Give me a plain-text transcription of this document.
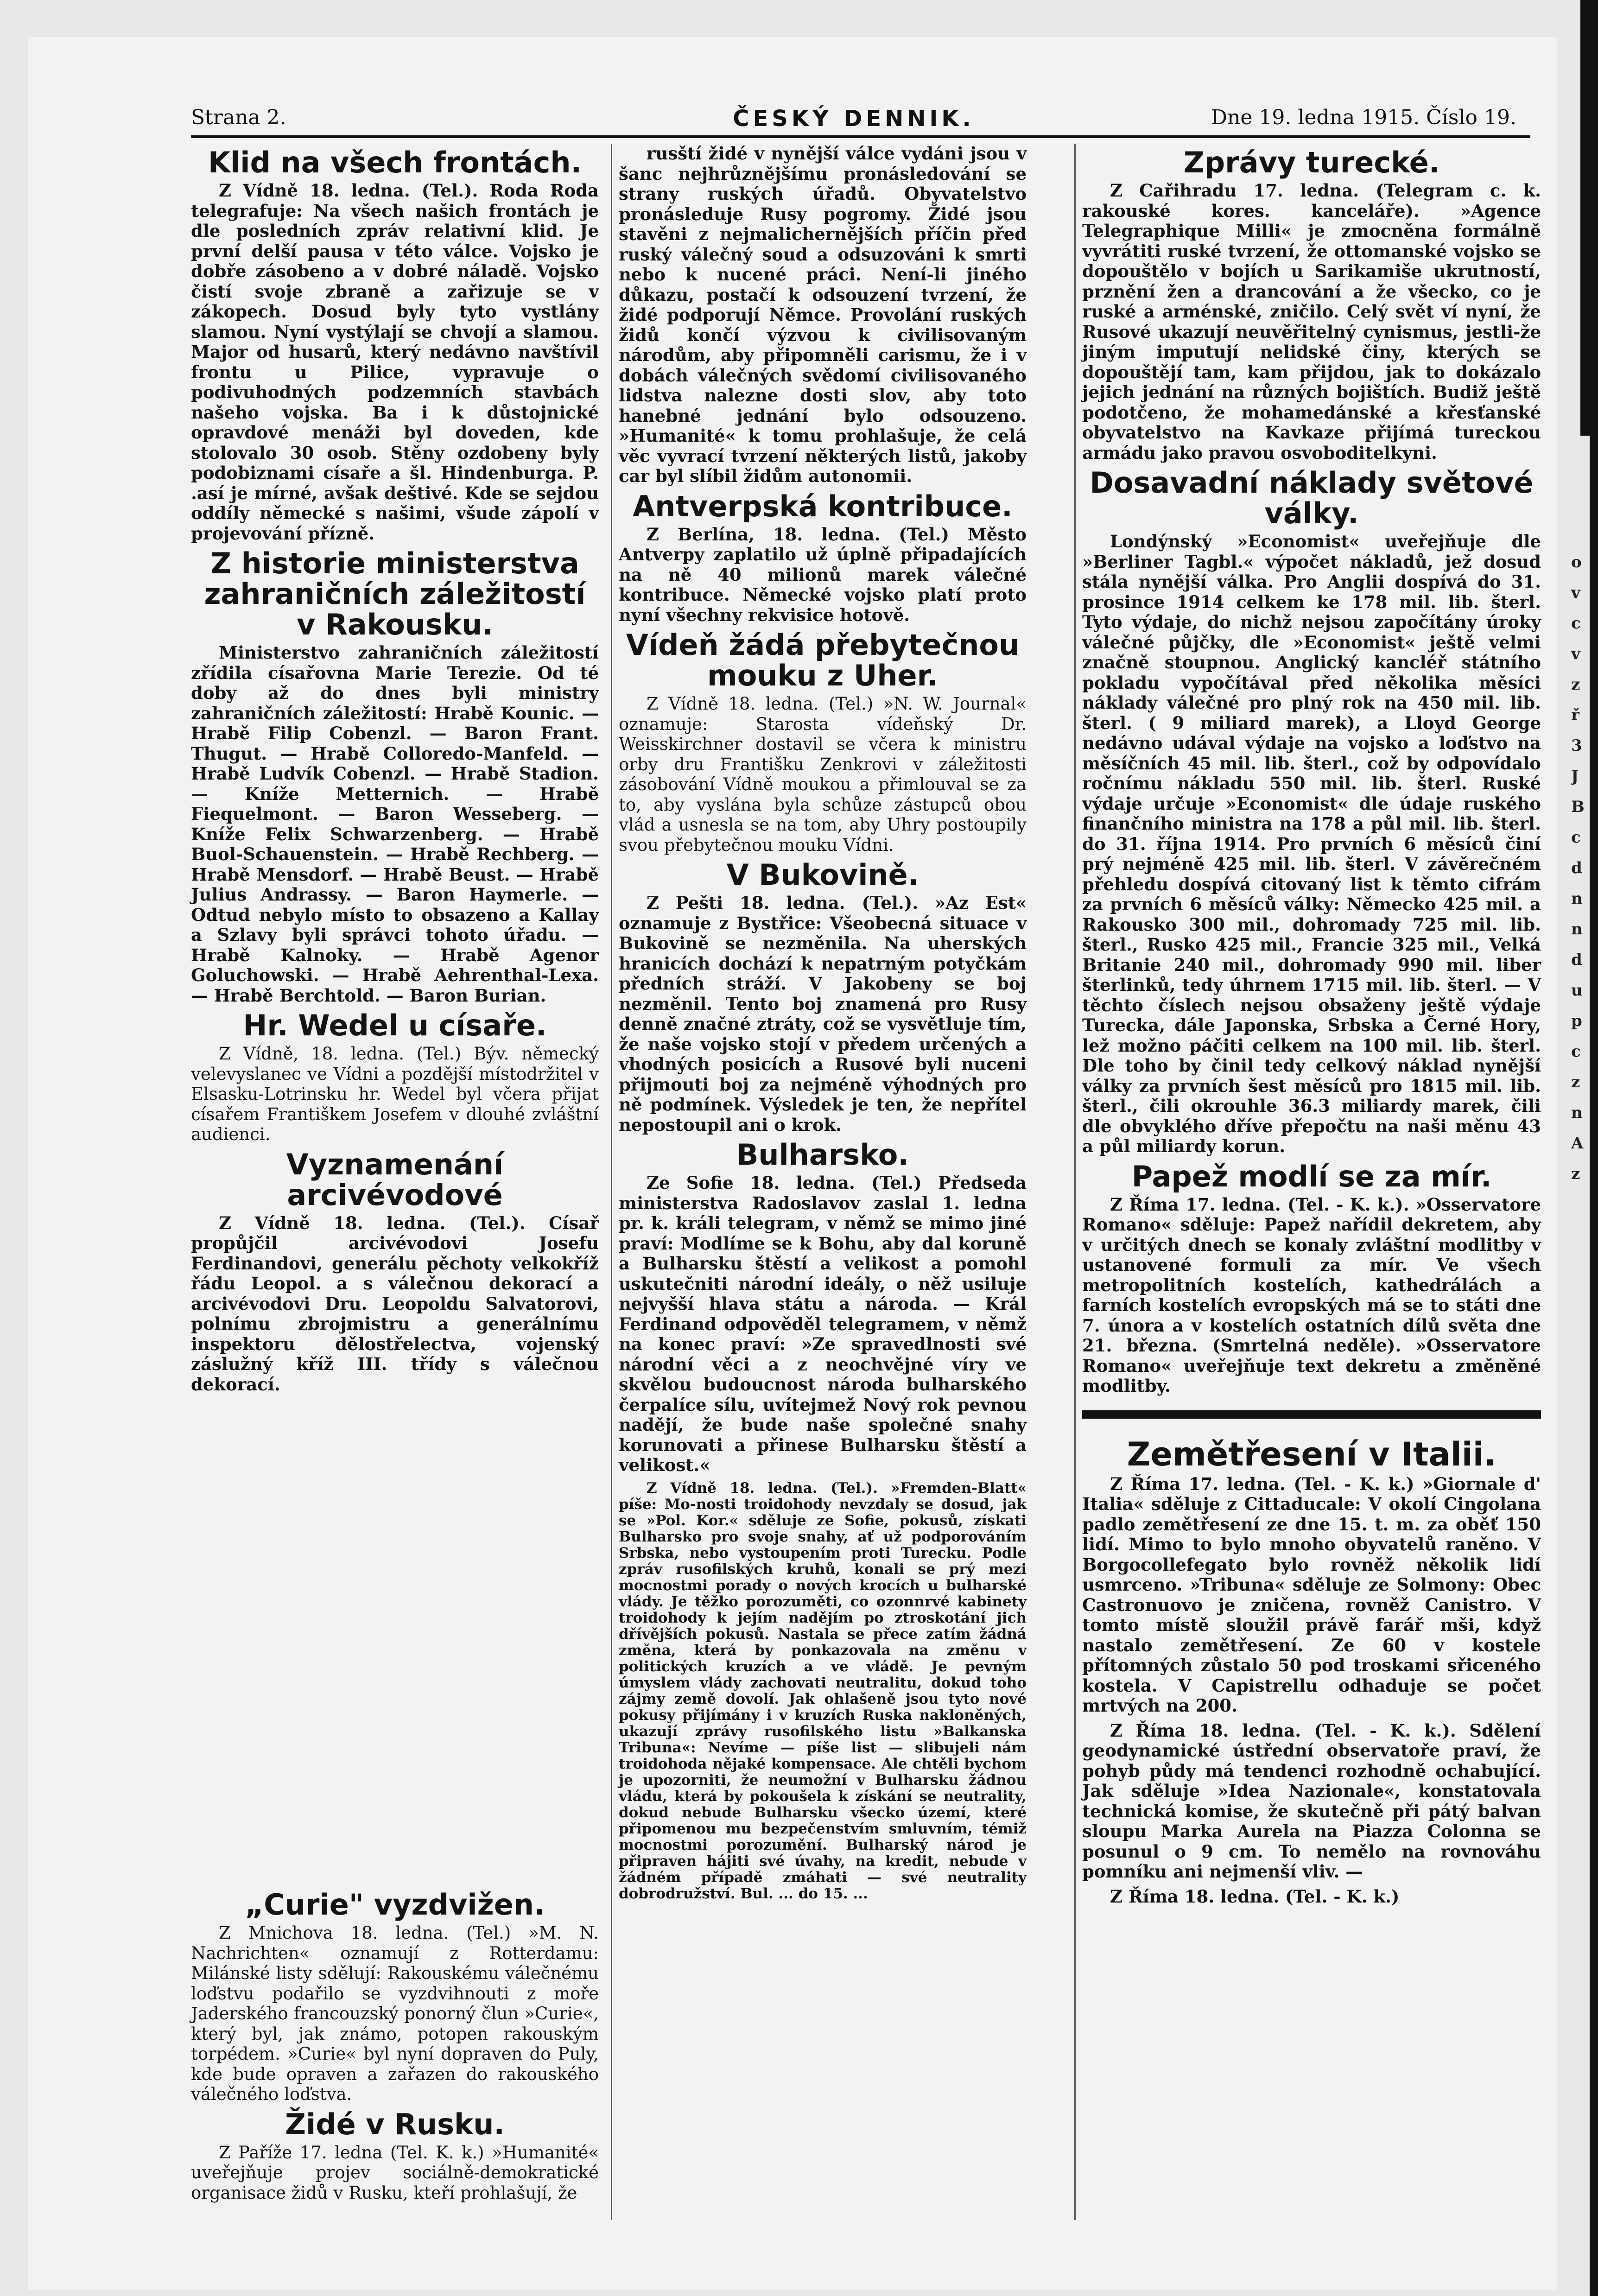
o
v
c
v
z
ř
3
J
B
c
d
n
n
d
u
p
c
z
n
A
z
Strana 2.	ČESKÝ DENNIK.	Dne 19. ledna 1915. Číslo 19.
Klid na všech frontách.
Z Vídně 18. ledna. (Tel.). Roda Roda telegrafuje: Na všech našich frontách je dle posledních zpráv relativní klid. Je první delší pausa v této válce. Vojsko je dobře zásobeno a v dobré náladě. Vojsko čistí svoje zbraně a zařizuje se v zákopech. Dosud byly tyto vystlány slamou. Nyní vystýlají se chvojí a slamou. Major od husarů, který nedávno navštívil frontu u Pilice, vypravuje o podivuhodných podzemních stavbách našeho vojska. Ba i k důstojnické opravdové menáži byl doveden, kde stolovalo 30 osob. Stěny ozdobeny byly podobiznami císaře a šl. Hindenburga. P. .así je mírné, avšak deštivé. Kde se sejdou oddíly německé s našimi, všude zápolí v projevování přízně.
Z historie ministerstva zahraničních záležitostí v Rakousku.
Ministerstvo zahraničních záležitostí zřídila císařovna Marie Terezie. Od té doby až do dnes byli ministry zahraničních záležitostí: Hrabě Kounic. — Hrabě Filip Cobenzl. — Baron Frant. Thugut. — Hrabě Colloredo-Manfeld. — Hrabě Ludvík Cobenzl. — Hrabě Stadion. — Kníže Metternich. — Hrabě Fiequelmont. — Baron Wesseberg. — Kníže Felix Schwarzenberg. — Hrabě Buol-Schauenstein. — Hrabě Rechberg. — Hrabě Mensdorf. — Hrabě Beust. — Hrabě Julius Andrassy. — Baron Haymerle. — Odtud nebylo místo to obsazeno a Kallay a Szlavy byli správci tohoto úřadu. — Hrabě Kalnoky. — Hrabě Agenor Goluchowski. — Hrabě Aehrenthal-Lexa. — Hrabě Berchtold. — Baron Burian.
Hr. Wedel u císaře.
Z Vídně, 18. ledna. (Tel.) Býv. německý velevyslanec ve Vídni a pozdější místodržitel v Elsasku-Lotrinsku hr. Wedel byl včera přijat císařem Františkem Josefem v dlouhé zvláštní audienci.
Vyznamenání arcivévodové
Z Vídně 18. ledna. (Tel.). Císař propůjčil arcivévodovi Josefu Ferdinandovi, generálu pěchoty velkokříž řádu Leopol. a s válečnou dekorací a arcivévodovi Dru. Leopoldu Salvatorovi, polnímu zbrojmistru a generálnímu inspektoru dělostřelectva, vojenský záslužný kříž III. třídy s válečnou dekorací.
„Curie" vyzdvižen.
Z Mnichova 18. ledna. (Tel.) »M. N. Nachrichten« oznamují z Rotterdamu: Milánské listy sdělují: Rakouskému válečnému loďstvu podařilo se vyzdvihnouti z moře Jaderského francouzský ponorný člun »Curie«, který byl, jak známo, potopen rakouským torpédem. »Curie« byl nyní dopraven do Puly, kde bude opraven a zařazen do rakouského válečného loďstva.
Židé v Rusku.
Z Paříže 17. ledna (Tel. K. k.) »Humanité« uveřejňuje projev sociálně-demokratické organisace židů v Rusku, kteří prohlašují, že
rusští židé v nynější válce vydáni jsou v šanc nejhrůznějšímu pronásledování se strany ruských úřadů. Obyvatelstvo pronásleduje Rusy pogromy. Židé jsou stavěni z nejmalichernějších příčin před ruský válečný soud a odsuzováni k smrti nebo k nucené práci. Není-li jiného důkazu, postačí k odsouzení tvrzení, že židé podporují Němce. Provolání ruských židů končí výzvou k civilisovaným národům, aby připomněli carismu, že i v dobách válečných svědomí civilisovaného lidstva nalezne dosti slov, aby toto hanebné jednání bylo odsouzeno. »Humanité« k tomu prohlašuje, že celá věc vyvrací tvrzení některých listů, jakoby car byl slíbil židům autonomii.
Antverpská kontribuce.
Z Berlína, 18. ledna. (Tel.) Město Antverpy zaplatilo už úplně připadajících na ně 40 milionů marek válečné kontribuce. Německé vojsko platí proto nyní všechny rekvisice hotově.
Vídeň žádá přebytečnou mouku z Uher.
Z Vídně 18. ledna. (Tel.) »N. W. Journal« oznamuje: Starosta vídeňský Dr. Weisskirchner dostavil se včera k ministru orby dru Františku Zenkrovi v záležitosti zásobování Vídně moukou a přimlouval se za to, aby vyslána byla schůze zástupců obou vlád a usnesla se na tom, aby Uhry postoupily svou přebytečnou mouku Vídni.
V Bukovině.
Z Pešti 18. ledna. (Tel.). »Az Est« oznamuje z Bystřice: Všeobecná situace v Bukovině se nezměnila. Na uherských hranicích dochází k nepatrným potyčkám předních stráží. V Jakobeny se boj nezměnil. Tento boj znamená pro Rusy denně značné ztráty, což se vysvětluje tím, že naše vojsko stojí v předem určených a vhodných posicích a Rusové byli nuceni přijmouti boj za nejméně výhodných pro ně podmínek. Výsledek je ten, že nepřítel nepostoupil ani o krok.
Bulharsko.
Ze Sofie 18. ledna. (Tel.) Předseda ministerstva Radoslavov zaslal 1. ledna pr. k. králi telegram, v němž se mimo jiné praví: Modlíme se k Bohu, aby dal koruně a Bulharsku štěstí a velikost a pomohl uskutečniti národní ideály, o něž usiluje nejvyšší hlava státu a národa. — Král Ferdinand odpověděl telegramem, v němž na konec praví: »Ze spravedlnosti své národní věci a z neochvějné víry ve skvělou budoucnost národa bulharského čerpalíce sílu, uvítejmež Nový rok pevnou nadějí, že bude naše společné snahy korunovati a přinese Bulharsku štěstí a velikost.«
Z Vídně 18. ledna. (Tel.). »Fremden-Blatt« píše: Mo-nosti troidohody nevzdaly se dosud, jak se »Pol. Kor.« sděluje ze Sofie, pokusů, získati Bulharsko pro svoje snahy, ať už podporováním Srbska, nebo vystoupením proti Turecku. Podle zpráv rusofilských kruhů, konali se prý mezi mocnostmi porady o nových krocích u bulharské vlády. Je těžko porozuměti, co ozonnrvé kabinety troidohody k jejím nadějím po ztroskotání jich dřívějších pokusů. Nastala se přece zatím žádná změna, která by ponkazovala na změnu v politických kruzích a ve vládě. Je pevným úmyslem vlády zachovati neutralitu, dokud toho zájmy země dovolí. Jak ohlašeně jsou tyto nové pokusy přijímány i v kruzích Ruska nakloněných, ukazují zprávy rusofilského listu »Balkanska Tribuna«: Nevíme — píše list — slibujeli nám troidohoda nějaké kompensace. Ale chtěli bychom je upozorniti, že neumožní v Bulharsku žádnou vládu, která by pokoušela k získání se neutrality, dokud nebude Bulharsku všecko území, které připomenou mu bezpečenstvím smluvním, témiž mocnostmi porozumění. Bulharský národ je připraven hájiti své úvahy, na kredit, nebude v žádném případě zmáhati — své neutrality dobrodružství. Bul. ... do 15. ...
Zprávy turecké.
Z Cařihradu 17. ledna. (Telegram c. k. rakouské kores. kanceláře). »Agence Telegraphique Milli« je zmocněna formálně vyvrátiti ruské tvrzení, že ottomanské vojsko se dopouštělo v bojích u Sarikamiše ukrutností, prznění žen a drancování a že všecko, co je ruské a arménské, zničilo. Celý svět ví nyní, že Rusové ukazují neuvěřitelný cynismus, jestli-že jiným imputují nelidské činy, kterých se dopouštějí tam, kam přijdou, jak to dokázalo jejich jednání na různých bojištích. Budiž ještě podotčeno, že mohamedánské a křesťanské obyvatelstvo na Kavkaze přijímá tureckou armádu jako pravou osvoboditelkyni.
Dosavadní náklady světové války.
Londýnský »Economist« uveřejňuje dle »Berliner Tagbl.« výpočet nákladů, jež dosud stála nynější válka. Pro Anglii dospívá do 31. prosince 1914 celkem ke 178 mil. lib. šterl. Tyto výdaje, do nichž nejsou započítány úroky válečné půjčky, dle »Economist« ještě velmi značně stoupnou. Anglický kancléř státního pokladu vypočítával před několika měsíci náklady válečné pro plný rok na 450 mil. lib. šterl. ( 9 miliard marek), a Lloyd George nedávno udával výdaje na vojsko a loďstvo na měsíčních 45 mil. lib. šterl., což by odpovídalo ročnímu nákladu 550 mil. lib. šterl. Ruské výdaje určuje »Economist« dle údaje ruského finančního ministra na 178 a půl mil. lib. šterl. do 31. října 1914. Pro prvních 6 měsíců činí prý nejméně 425 mil. lib. šterl. V závěrečném přehledu dospívá citovaný list k těmto cifrám za prvních 6 měsíců války: Německo 425 mil. a Rakousko 300 mil., dohromady 725 mil. lib. šterl., Rusko 425 mil., Francie 325 mil., Velká Britanie 240 mil., dohromady 990 mil. liber šterlinků, tedy úhrnem 1715 mil. lib. šterl. — V těchto číslech nejsou obsaženy ještě výdaje Turecka, dále Japonska, Srbska a Černé Hory, lež možno páčiti celkem na 100 mil. lib. šterl. Dle toho by činil tedy celkový náklad nynější války za prvních šest měsíců pro 1815 mil. lib. šterl., čili okrouhle 36.3 miliardy marek, čili dle obvyklého dříve přepočtu na naši měnu 43 a půl miliardy korun.
Papež modlí se za mír.
Z Říma 17. ledna. (Tel. - K. k.). »Osservatore Romano« sděluje: Papež nařídil dekretem, aby v určitých dnech se konaly zvláštní modlitby v ustanovené formuli za mír. Ve všech metropolitních kostelích, kathedrálách a farních kostelích evropských má se to státi dne 7. února a v kostelích ostatních dílů světa dne 21. března. (Smrtelná neděle). »Osservatore Romano« uveřejňuje text dekretu a změněné modlitby.
Zemětřesení v Italii.
Z Říma 17. ledna. (Tel. - K. k.) »Giornale d' Italia« sděluje z Cittaducale: V okolí Cingolana padlo zemětřesení ze dne 15. t. m. za oběť 150 lidí. Mimo to bylo mnoho obyvatelů raněno. V Borgocollefegato bylo rovněž několik lidí usmrceno. »Tribuna« sděluje ze Solmony: Obec Castronuovo je zničena, rovněž Canistro. V tomto místě sloužil právě farář mši, když nastalo zemětřesení. Ze 60 v kostele přítomných zůstalo 50 pod troskami sřiceného kostela. V Capistrellu odhaduje se počet mrtvých na 200.
Z Říma 18. ledna. (Tel. - K. k.). Sdělení geodynamické ústřední observatoře praví, že pohyb půdy má tendenci rozhodně ochabující. Jak sděluje »Idea Nazionale«, konstatovala technická komise, že skutečně při pátý balvan sloupu Marka Aurela na Piazza Colonna se posunul o 9 cm. To nemělo na rovnováhu pomníku ani nejmenší vliv. —
Z Říma 18. ledna. (Tel. - K. k.)
